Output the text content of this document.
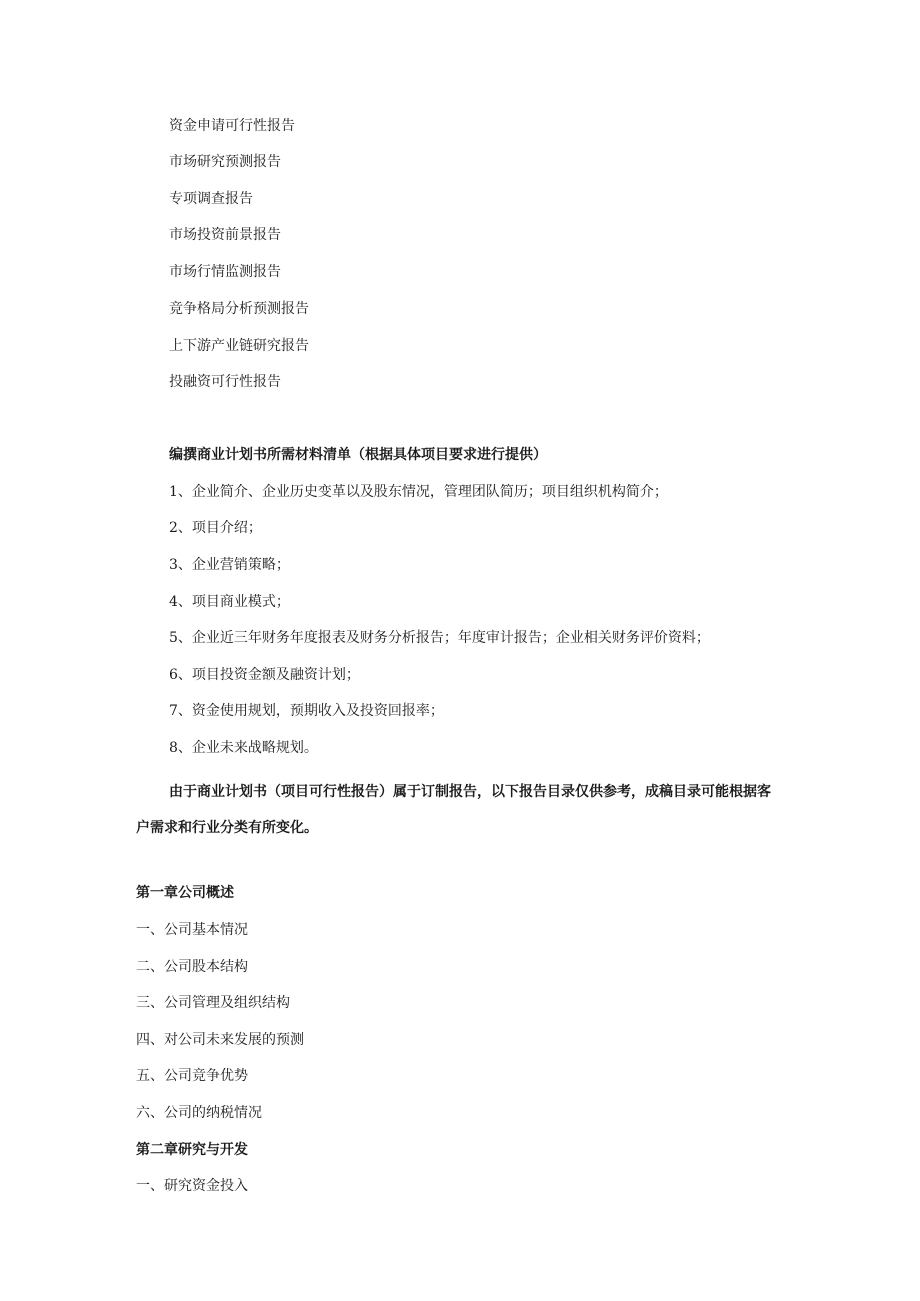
资金申请可行性报告

市场研究预测报告

专项调查报告

市场投资前景报告

市场行情监测报告

竞争格局分析预测报告

上下游产业链研究报告

投融资可行性报告

编撰商业计划书所需材料清单（根据具体项目要求进行提供）

1、企业简介、企业历史变革以及股东情况，管理团队简历；项目组织机构简介；

2、项目介绍；

3、企业营销策略；

4、项目商业模式；

5、企业近三年财务年度报表及财务分析报告；年度审计报告；企业相关财务评价资料；

6、项目投资金额及融资计划；

7、资金使用规划，预期收入及投资回报率；

8、企业未来战略规划。

由于商业计划书（项目可行性报告）属于订制报告，以下报告目录仅供参考，成稿目录可能根据客户需求和行业分类有所变化。

第一章公司概述

一、公司基本情况

二、公司股本结构

三、公司管理及组织结构

四、对公司未来发展的预测

五、公司竞争优势

六、公司的纳税情况

第二章研究与开发

一、研究资金投入
